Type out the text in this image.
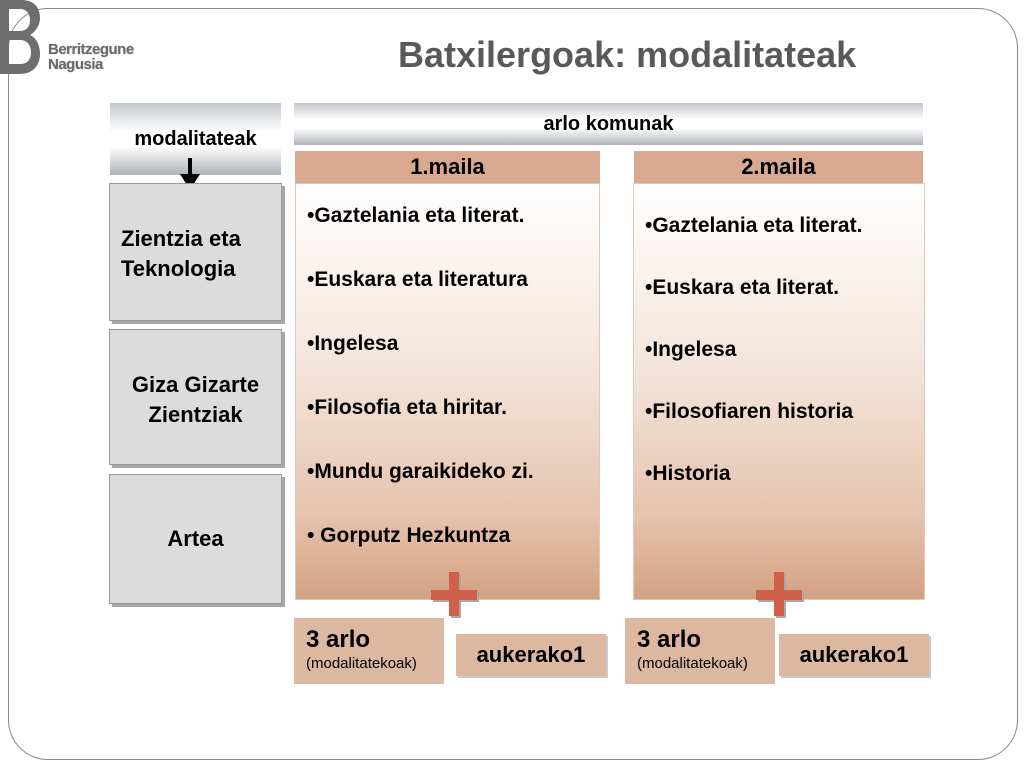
Berritzegune
Nagusia	Batxilergoak: modalitateak
modalitateak
Zientzia eta
Teknologia
Giza Gizarte
Zientziak
Artea
arlo komunak
1.maila	2.maila
•Gaztelania eta literat.
•Euskara eta literatura
•Ingelesa
•Filosofia eta hiritar.
•Mundu garaikideko zi.
• Gorputz Hezkuntza
•Gaztelania eta literat.
•Euskara eta literat.
•Ingelesa
•Filosofiaren historia
•Historia
3 arlo
(modalitatekoak)	aukerako1
3 arlo
(modalitatekoak)	aukerako1
